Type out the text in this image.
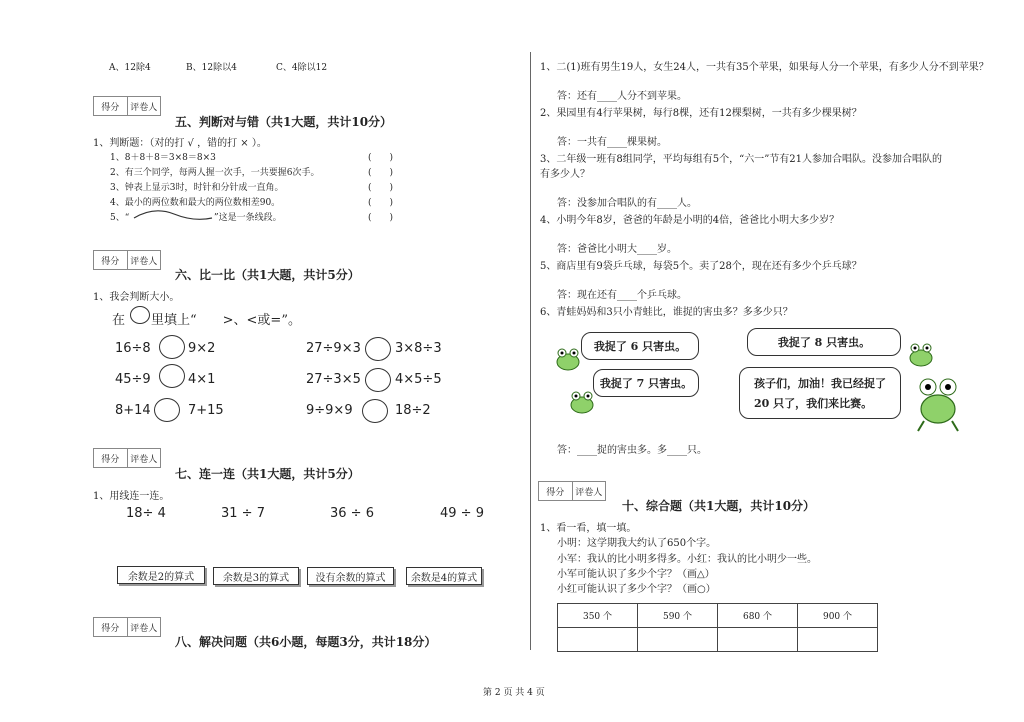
A、12除4	B、12除以4	C、4除以12
得分	评卷人
五、判断对与错（共1大题，共计10分）
1、判断题：（对的打 √ ，错的打 × ）。
1、8＋8＋8＝3×8＝8×3	(　　)
2、有三个同学，每两人握一次手，一共要握6次手。	(　　)
3、钟表上显示3时，时针和分针成一直角。	(　　)
4、最小的两位数和最大的两位数相差90。	(　　)
5、“	”这是一条线段。	(　　)
得分	评卷人
六、比一比（共1大题，共计5分）
1、我会判断大小。
在　　里填上“　　>、<或=”。
16÷8	9×2	27÷9×3	3×8÷3
45÷9	4×1	27÷3×5	4×5÷5
8+14	7+15	9÷9×9	18÷2
得分	评卷人
七、连一连（共1大题，共计5分）
1、用线连一连。
18÷ 4	31 ÷ 7	36 ÷ 6	49 ÷ 9
余数是2的算式	余数是3的算式	没有余数的算式	余数是4的算式
得分	评卷人
八、解决问题（共6小题，每题3分，共计18分）
1、二(1)班有男生19人，女生24人，一共有35个苹果，如果每人分一个苹果，有多少人分不到苹果？
答：还有____人分不到苹果。
2、果园里有4行苹果树，每行8棵，还有12棵梨树，一共有多少棵果树？
答：一共有____棵果树。
3、二年级一班有8组同学，平均每组有5个，“六一”节有21人参加合唱队。没参加合唱队的
有多少人？
答：没参加合唱队的有____人。
4、小明今年8岁，爸爸的年龄是小明的4倍，爸爸比小明大多少岁？
答：爸爸比小明大____岁。
5、商店里有9袋乒乓球，每袋5个。卖了28个，现在还有多少个乒乓球？
答：现在还有____个乒乓球。
6、青蛙妈妈和3只小青蛙比，谁捉的害虫多？多多少只？
我捉了 6 只害虫。
我捉了 7 只害虫。
我捉了 8 只害虫。
孩子们，加油！我已经捉了
20 只了，我们来比赛。
答：____捉的害虫多。多____只。
得分	评卷人
十、综合题（共1大题，共计10分）
1、看一看，填一填。
小明：这学期我大约认了650个字。
小军：我认的比小明多得多。小红：我认的比小明少一些。
小军可能认识了多少个字？（画△）
小红可能认识了多少个字？（画○）
350 个	590 个	680 个	900 个

第 2 页 共 4 页
